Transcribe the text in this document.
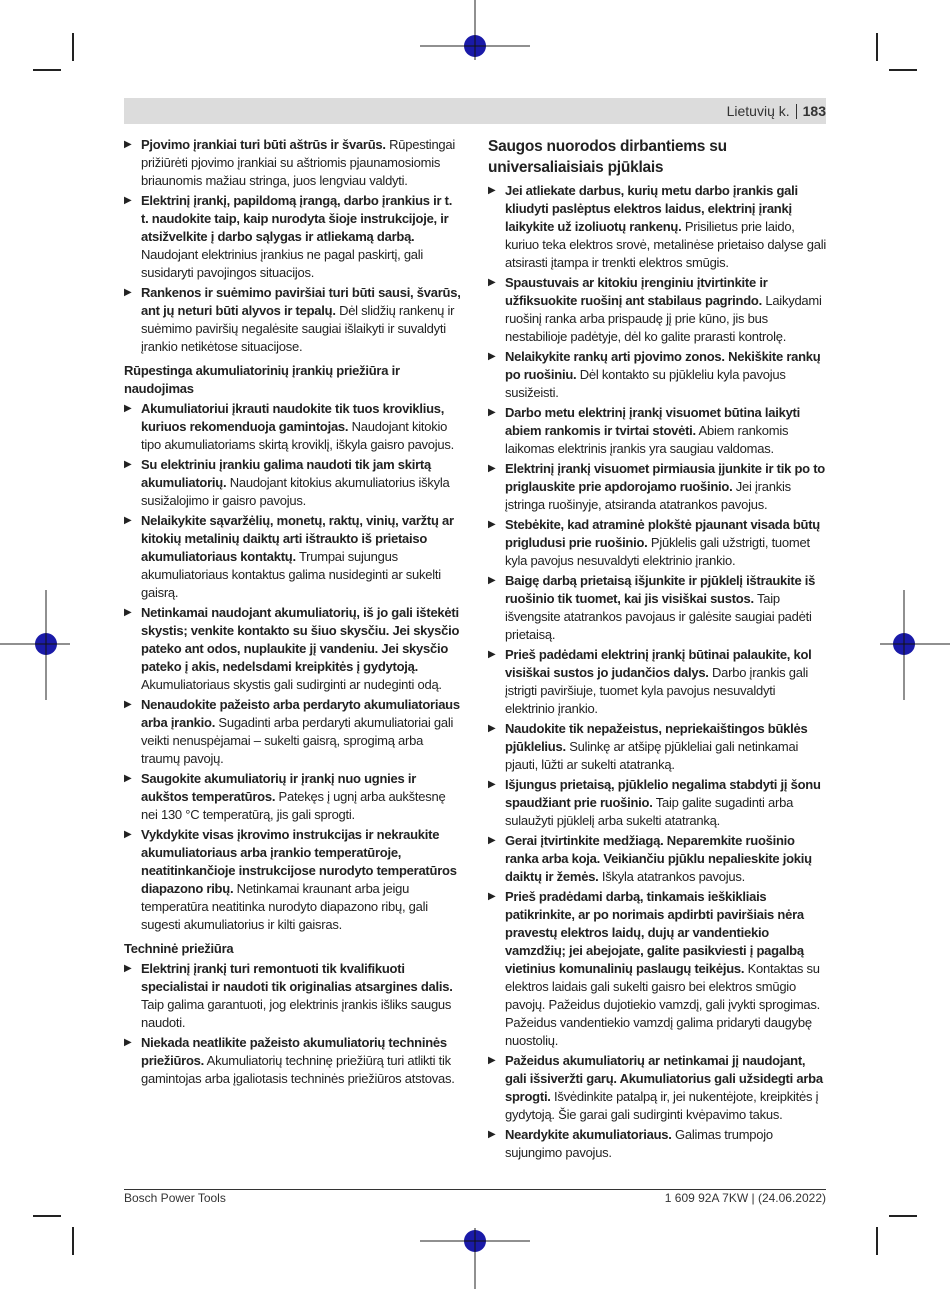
Lietuvių k. 183
▶ Pjovimo įrankiai turi būti aštrūs ir švarūs. Rūpestingai prižiūrėti pjovimo įrankiai su aštriomis pjaunamosiomis briaunomis mažiau stringa, juos lengviau valdyti.
▶ Elektrinį įrankį, papildomą įrangą, darbo įrankius ir t. t. naudokite taip, kaip nurodyta šioje instrukcijoje, ir atsižvelkite į darbo sąlygas ir atliekamą darbą. Naudojant elektrinius įrankius ne pagal paskirtį, gali susidaryti pavojingos situacijos.
▶ Rankenos ir suėmimo paviršiai turi būti sausi, švarūs, ant jų neturi būti alyvos ir tepalų. Dėl slidžių rankenų ir suėmimo paviršių negalėsite saugiai išlaikyti ir suvaldyti įrankio netikėtose situacijose.
Rūpestinga akumuliatorinių įrankių priežiūra ir naudojimas
▶ Akumuliatoriui įkrauti naudokite tik tuos kroviklius, kuriuos rekomenduoja gamintojas. Naudojant kitokio tipo akumuliatoriams skirtą kroviklį, iškyla gaisro pavojus.
▶ Su elektriniu įrankiu galima naudoti tik jam skirtą akumuliatorių. Naudojant kitokius akumuliatorius iškyla susižalojimo ir gaisro pavojus.
▶ Nelaikykite sąvaržėlių, monetų, raktų, vinių, varžtų ar kitokių metalinių daiktų arti ištraukto iš prietaiso akumuliatoriaus kontaktų. Trumpai sujungus akumuliatoriaus kontaktus galima nusideginti ar sukelti gaisrą.
▶ Netinkamai naudojant akumuliatorių, iš jo gali ištekėti skystis; venkite kontakto su šiuo skysčiu. Jei skysčio pateko ant odos, nuplaukite jį vandeniu. Jei skysčio pateko į akis, nedelsdami kreipkitės į gydytoją. Akumuliatoriaus skystis gali sudirginti ar nudeginti odą.
▶ Nenaudokite pažeisto arba perdaryto akumuliatoriaus arba įrankio. Sugadinti arba perdaryti akumuliatoriai gali veikti nenuspėjamai – sukelti gaisrą, sprogimą arba traumų pavojų.
▶ Saugokite akumuliatorių ir įrankį nuo ugnies ir aukštos temperatūros. Patekęs į ugnį arba aukštesnę nei 130 °C temperatūrą, jis gali sprogti.
▶ Vykdykite visas įkrovimo instrukcijas ir nekraukite akumuliatoriaus arba įrankio temperatūroje, neatitinkančioje instrukcijose nurodyto temperatūros diapazono ribų. Netinkamai kraunant arba jeigu temperatūra neatitinka nurodyto diapazono ribų, gali sugesti akumuliatorius ir kilti gaisras.
Techninė priežiūra
▶ Elektrinį įrankį turi remontuoti tik kvalifikuoti specialistai ir naudoti tik originalias atsargines dalis. Taip galima garantuoti, jog elektrinis įrankis išliks saugus naudoti.
▶ Niekada neatlikite pažeisto akumuliatorių techninės priežiūros. Akumuliatorių techninę priežiūrą turi atlikti tik gamintojas arba įgaliotasis techninės priežiūros atstovas.
Saugos nuorodos dirbantiems su universaliaisiais pjūklais
▶ Jei atliekate darbus, kurių metu darbo įrankis gali kliudyti paslėptus elektros laidus, elektrinį įrankį laikykite už izoliuotų rankenų. Prisilietus prie laido, kuriuo teka elektros srovė, metalinėse prietaiso dalyse gali atsirasti įtampa ir trenkti elektros smūgis.
▶ Spaustuvais ar kitokiu įrenginiu įtvirtinkite ir užfiksuokite ruošinį ant stabilaus pagrindo. Laikydami ruošinį ranka arba prispaudę jį prie kūno, jis bus nestabilioje padėtyje, dėl ko galite prarasti kontrolę.
▶ Nelaikykite rankų arti pjovimo zonos. Nekiškite rankų po ruošiniu. Dėl kontakto su pjūkleliu kyla pavojus susižeisti.
▶ Darbo metu elektrinį įrankį visuomet būtina laikyti abiem rankomis ir tvirtai stovėti. Abiem rankomis laikomas elektrinis įrankis yra saugiau valdomas.
▶ Elektrinį įrankį visuomet pirmiausia įjunkite ir tik po to priglauskite prie apdorojamo ruošinio. Jei įrankis įstringa ruošinyje, atsiranda atatrankos pavojus.
▶ Stebėkite, kad atraminė plokštė pjaunant visada būtų prigludusi prie ruošinio. Pjūklelis gali užstrigti, tuomet kyla pavojus nesuvaldyti elektrinio įrankio.
▶ Baigę darbą prietaisą išjunkite ir pjūklelį ištraukite iš ruošinio tik tuomet, kai jis visiškai sustos. Taip išvengsite atatrankos pavojaus ir galėsite saugiai padėti prietaisą.
▶ Prieš padėdami elektrinį įrankį būtinai palaukite, kol visiškai sustos jo judančios dalys. Darbo įrankis gali įstrigti paviršiuje, tuomet kyla pavojus nesuvaldyti elektrinio įrankio.
▶ Naudokite tik nepažeistus, nepriekaištingos būklės pjūklelius. Sulinkę ar atšipę pjūkleliai gali netinkamai pjauti, lūžti ar sukelti atatranką.
▶ Išjungus prietaisą, pjūklelio negalima stabdyti jį šonu spaudžiant prie ruošinio. Taip galite sugadinti arba sulaužyti pjūklelį arba sukelti atatranką.
▶ Gerai įtvirtinkite medžiagą. Neparemkite ruošinio ranka arba koja. Veikiančiu pjūklu nepalieskite jokių daiktų ir žemės. Iškyla atatrankos pavojus.
▶ Prieš pradėdami darbą, tinkamais ieškikliais patikrinkite, ar po norimais apdirbti paviršiais nėra pravestų elektros laidų, dujų ar vandentiekio vamzdžių; jei abejojate, galite pasikviesti į pagalbą vietinius komunalinių paslaugų teikėjus. Kontaktas su elektros laidais gali sukelti gaisro bei elektros smūgio pavojų. Pažeidus dujotiekio vamzdį, gali įvykti sprogimas. Pažeidus vandentiekio vamzdį galima pridaryti daugybę nuostolių.
▶ Pažeidus akumuliatorių ar netinkamai jį naudojant, gali išsiveržti garų. Akumuliatorius gali užsidegti arba sprogti. Išvėdinkite patalpą ir, jei nukentėjote, kreipkitės į gydytoją. Šie garai gali sudirginti kvėpavimo takus.
▶ Neardykite akumuliatoriaus. Galimas trumpojo sujungimo pavojus.
Bosch Power Tools	1 609 92A 7KW | (24.06.2022)
